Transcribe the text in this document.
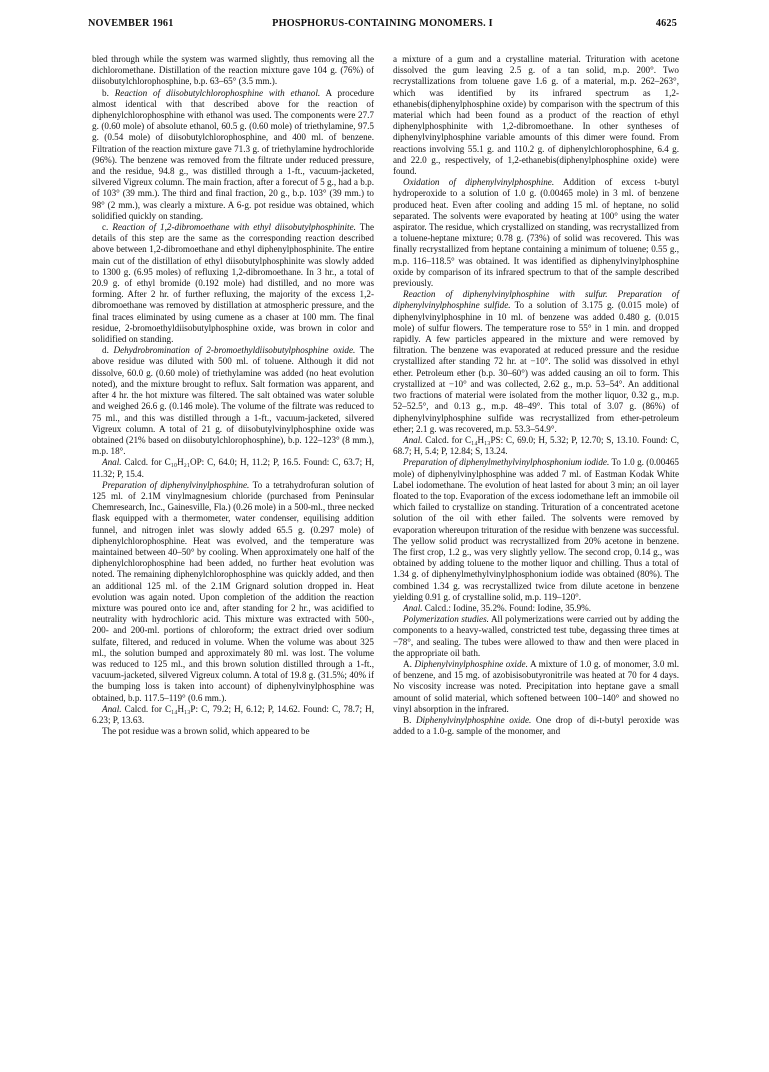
NOVEMBER 1961	PHOSPHORUS-CONTAINING MONOMERS. I	4625

bled through while the system was warmed slightly, thus removing all the dichloromethane. Distillation of the reaction mixture gave 104 g. (76%) of diisobutylchlorophosphine, b.p. 63–65° (3.5 mm.).

b. Reaction of diisobutylchlorophosphine with ethanol. A procedure almost identical with that described above for the reaction of diphenylchlorophosphine with ethanol was used. The components were 27.7 g. (0.60 mole) of absolute ethanol, 60.5 g. (0.60 mole) of triethylamine, 97.5 g. (0.54 mole) of diisobutylchlorophosphine, and 400 ml. of benzene. Filtration of the reaction mixture gave 71.3 g. of triethylamine hydrochloride (96%). The benzene was removed from the filtrate under reduced pressure, and the residue, 94.8 g., was distilled through a 1-ft., vacuum-jacketed, silvered Vigreux column. The main fraction, after a forecut of 5 g., had a b.p. of 103° (39 mm.). The third and final fraction, 20 g., b.p. 103° (39 mm.) to 98° (2 mm.), was clearly a mixture. A 6-g. pot residue was obtained, which solidified quickly on standing.

c. Reaction of 1,2-dibromoethane with ethyl diisobutylphosphinite. The details of this step are the same as the corresponding reaction described above between 1,2-dibromoethane and ethyl diphenylphosphinite. The entire main cut of the distillation of ethyl diisobutylphosphinite was slowly added to 1300 g. (6.95 moles) of refluxing 1,2-dibromoethane. In 3 hr., a total of 20.9 g. of ethyl bromide (0.192 mole) had distilled, and no more was forming. After 2 hr. of further refluxing, the majority of the excess 1,2-dibromoethane was removed by distillation at atmospheric pressure, and the final traces eliminated by using cumene as a chaser at 100 mm. The final residue, 2-bromoethyldiisobutylphosphine oxide, was brown in color and solidified on standing.

d. Dehydrobromination of 2-bromoethyldiisobutylphosphine oxide. The above residue was diluted with 500 ml. of toluene. Although it did not dissolve, 60.0 g. (0.60 mole) of triethylamine was added (no heat evolution noted), and the mixture brought to reflux. Salt formation was apparent, and after 4 hr. the hot mixture was filtered. The salt obtained was water soluble and weighed 26.6 g. (0.146 mole). The volume of the filtrate was reduced to 75 ml., and this was distilled through a 1-ft., vacuum-jacketed, silvered Vigreux column. A total of 21 g. of diisobutylvinylphosphine oxide was obtained (21% based on diisobutylchlorophosphine), b.p. 122–123° (8 mm.), m.p. 18°.

Anal. Calcd. for C₁₀H₂₁OP: C, 64.0; H, 11.2; P, 16.5. Found: C, 63.7; H, 11.32; P, 15.4.

Preparation of diphenylvinylphosphine. To a tetrahydrofuran solution of 125 ml. of 2.1M vinylmagnesium chloride (purchased from Peninsular Chemresearch, Inc., Gainesville, Fla.) (0.26 mole) in a 500-ml., three necked flask equipped with a thermometer, water condenser, equilising addition funnel, and nitrogen inlet was slowly added 65.5 g. (0.297 mole) of diphenylchlorophosphine. Heat was evolved, and the temperature was maintained between 40–50° by cooling. When approximately one half of the diphenylchlorophosphine had been added, no further heat evolution was noted. The remaining diphenylchlorophosphine was quickly added, and then an additional 125 ml. of the 2.1M Grignard solution dropped in. Heat evolution was again noted. Upon completion of the addition the reaction mixture was poured onto ice and, after standing for 2 hr., was acidified to neutrality with hydrochloric acid. This mixture was extracted with 500-, 200- and 200-ml. portions of chloroform; the extract dried over sodium sulfate, filtered, and reduced in volume. When the volume was about 325 ml., the solution bumped and approximately 80 ml. was lost. The volume was reduced to 125 ml., and this brown solution distilled through a 1-ft., vacuum-jacketed, silvered Vigreux column. A total of 19.8 g. (31.5%; 40% if the bumping loss is taken into account) of diphenylvinylphosphine was obtained, b.p. 117.5–119° (0.6 mm.).

Anal. Calcd. for C₁₄H₁₃P: C, 79.2; H, 6.12; P, 14.62. Found: C, 78.7; H, 6.23; P, 13.63.

The pot residue was a brown solid, which appeared to be

a mixture of a gum and a crystalline material. Trituration with acetone dissolved the gum leaving 2.5 g. of a tan solid, m.p. 200°. Two recrystallizations from toluene gave 1.6 g. of a material, m.p. 262–263°, which was identified by its infrared spectrum as 1,2-ethanebis(diphenylphosphine oxide) by comparison with the spectrum of this material which had been found as a product of the reaction of ethyl diphenylphosphinite with 1,2-dibromoethane. In other syntheses of diphenylvinylphosphine variable amounts of this dimer were found. From reactions involving 55.1 g. and 110.2 g. of diphenylchlorophosphine, 6.4 g. and 22.0 g., respectively, of 1,2-ethanebis(diphenylphosphine oxide) were found.

Oxidation of diphenylvinylphosphine. Addition of excess t-butyl hydroperoxide to a solution of 1.0 g. (0.00465 mole) in 3 ml. of benzene produced heat. Even after cooling and adding 15 ml. of heptane, no solid separated. The solvents were evaporated by heating at 100° using the water aspirator. The residue, which crystallized on standing, was recrystallized from a toluene-heptane mixture; 0.78 g. (73%) of solid was recovered. This was finally recrystallized from heptane containing a minimum of toluene; 0.55 g., m.p. 116–118.5° was obtained. It was identified as diphenylvinylphosphine oxide by comparison of its infrared spectrum to that of the sample described previously.

Reaction of diphenylvinylphosphine with sulfur. Preparation of diphenylvinylphosphine sulfide. To a solution of 3.175 g. (0.015 mole) of diphenylvinylphosphine in 10 ml. of benzene was added 0.480 g. (0.015 mole) of sulfur flowers. The temperature rose to 55° in 1 min. and dropped rapidly. A few particles appeared in the mixture and were removed by filtration. The benzene was evaporated at reduced pressure and the residue crystallized after standing 72 hr. at −10°. The solid was dissolved in ethyl ether. Petroleum ether (b.p. 30–60°) was added causing an oil to form. This crystallized at −10° and was collected, 2.62 g., m.p. 53–54°. An additional two fractions of material were isolated from the mother liquor, 0.32 g., m.p. 52–52.5°, and 0.13 g., m.p. 48–49°. This total of 3.07 g. (86%) of diphenylvinylphosphine sulfide was recrystallized from ether-petroleum ether; 2.1 g. was recovered, m.p. 53.3–54.9°.

Anal. Calcd. for C₁₄H₁₃PS: C, 69.0; H, 5.32; P, 12.70; S, 13.10. Found: C, 68.7; H, 5.4; P, 12.84; S, 13.24.

Preparation of diphenylmethylvinylphosphonium iodide. To 1.0 g. (0.00465 mole) of diphenylvinylphosphine was added 7 ml. of Eastman Kodak White Label iodomethane. The evolution of heat lasted for about 3 min; an oil layer floated to the top. Evaporation of the excess iodomethane left an immobile oil which failed to crystallize on standing. Trituration of a concentrated acetone solution of the oil with ether failed. The solvents were removed by evaporation whereupon trituration of the residue with benzene was successful. The yellow solid product was recrystallized from 20% acetone in benzene. The first crop, 1.2 g., was very slightly yellow. The second crop, 0.14 g., was obtained by adding toluene to the mother liquor and chilling. Thus a total of 1.34 g. of diphenylmethylvinylphosphonium iodide was obtained (80%). The combined 1.34 g. was recrystallized twice from dilute acetone in benzene yielding 0.91 g. of crystalline solid, m.p. 119–120°.

Anal. Calcd.: Iodine, 35.2%. Found: Iodine, 35.9%.

Polymerization studies. All polymerizations were carried out by adding the components to a heavy-walled, constricted test tube, degassing three times at −78°, and sealing. The tubes were allowed to thaw and then were placed in the appropriate oil bath.

A. Diphenylvinylphosphine oxide. A mixture of 1.0 g. of monomer, 3.0 ml. of benzene, and 15 mg. of azobisisobutyronitrile was heated at 70 for 4 days. No viscosity increase was noted. Precipitation into heptane gave a small amount of solid material, which softened between 100–140° and showed no vinyl absorption in the infrared.

B. Diphenylvinylphosphine oxide. One drop of di-t-butyl peroxide was added to a 1.0-g. sample of the monomer, and
